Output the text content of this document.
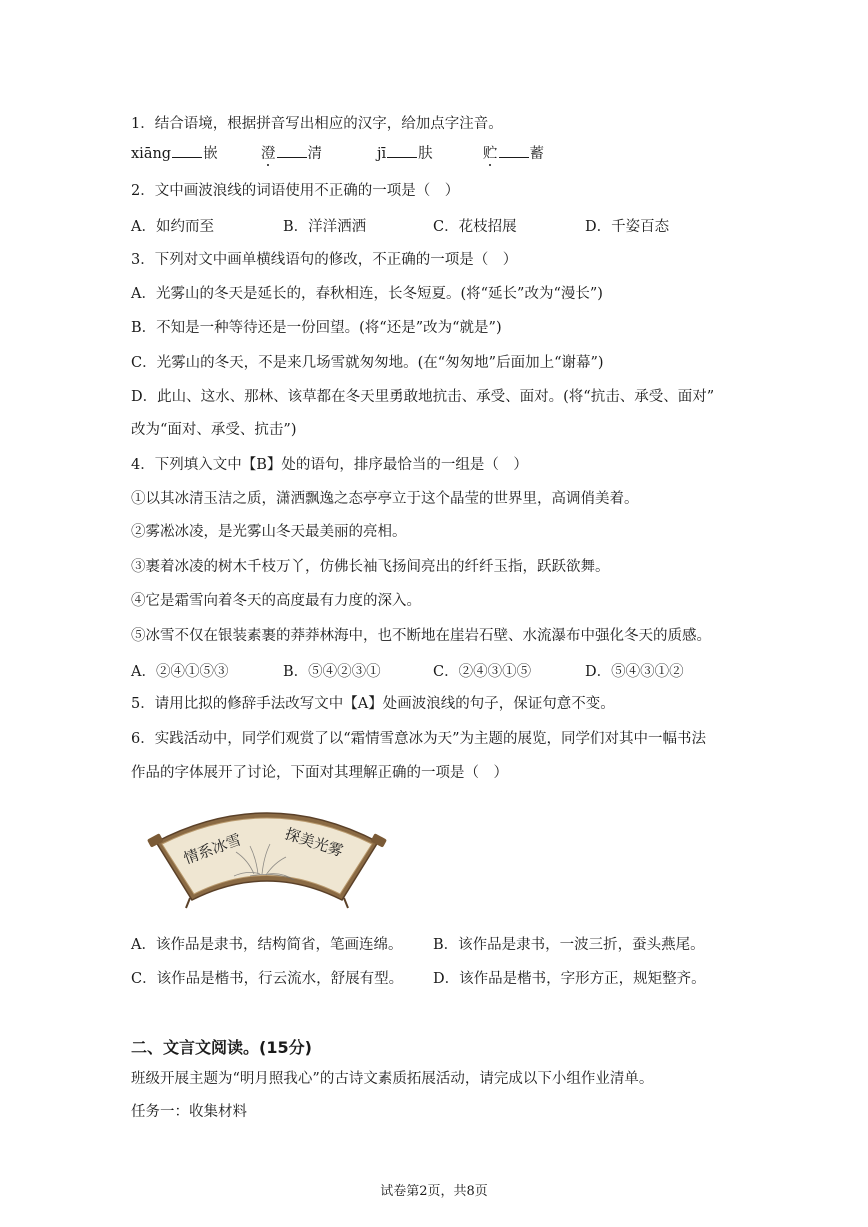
1．结合语境，根据拼音写出相应的汉字，给加点字注音。
xiāng 嵌	澄 清	jī 肤	贮 蓄
2．文中画波浪线的词语使用不正确的一项是（　）
A．如约而至	B．洋洋洒洒	C．花枝招展	D．千姿百态
3．下列对文中画单横线语句的修改，不正确的一项是（　）
A．光雾山的冬天是延长的，春秋相连，长冬短夏。(将“延长”改为“漫长”)
B．不知是一种等待还是一份回望。(将“还是”改为“就是”)
C．光雾山的冬天，不是来几场雪就匆匆地。(在“匆匆地”后面加上“谢幕”)
D．此山、这水、那林、该草都在冬天里勇敢地抗击、承受、面对。(将“抗击、承受、面对”
改为“面对、承受、抗击”)
4．下列填入文中【B】处的语句，排序最恰当的一组是（　）
①以其冰清玉洁之质，潇洒飘逸之态亭亭立于这个晶莹的世界里，高调俏美着。
②雾凇冰凌，是光雾山冬天最美丽的亮相。
③裹着冰凌的树木千枝万丫，仿佛长袖飞扬间亮出的纤纤玉指，跃跃欲舞。
④它是霜雪向着冬天的高度最有力度的深入。
⑤冰雪不仅在银装素裹的莽莽林海中，也不断地在崖岩石壁、水流瀑布中强化冬天的质感。
A．②④①⑤③	B．⑤④②③①	C．②④③①⑤	D．⑤④③①②
5．请用比拟的修辞手法改写文中【A】处画波浪线的句子，保证句意不变。
6．实践活动中，同学们观赏了以“霜情雪意冰为天”为主题的展览，同学们对其中一幅书法
作品的字体展开了讨论，下面对其理解正确的一项是（　）
情系冰雪	探美光雾
A．该作品是隶书，结构简省，笔画连绵。 B．该作品是隶书，一波三折，蚕头燕尾。
C．该作品是楷书，行云流水，舒展有型。 D．该作品是楷书，字形方正，规矩整齐。
二、文言文阅读。(15分)
班级开展主题为“明月照我心”的古诗文素质拓展活动，请完成以下小组作业清单。
任务一：收集材料
试卷第2页，共8页
